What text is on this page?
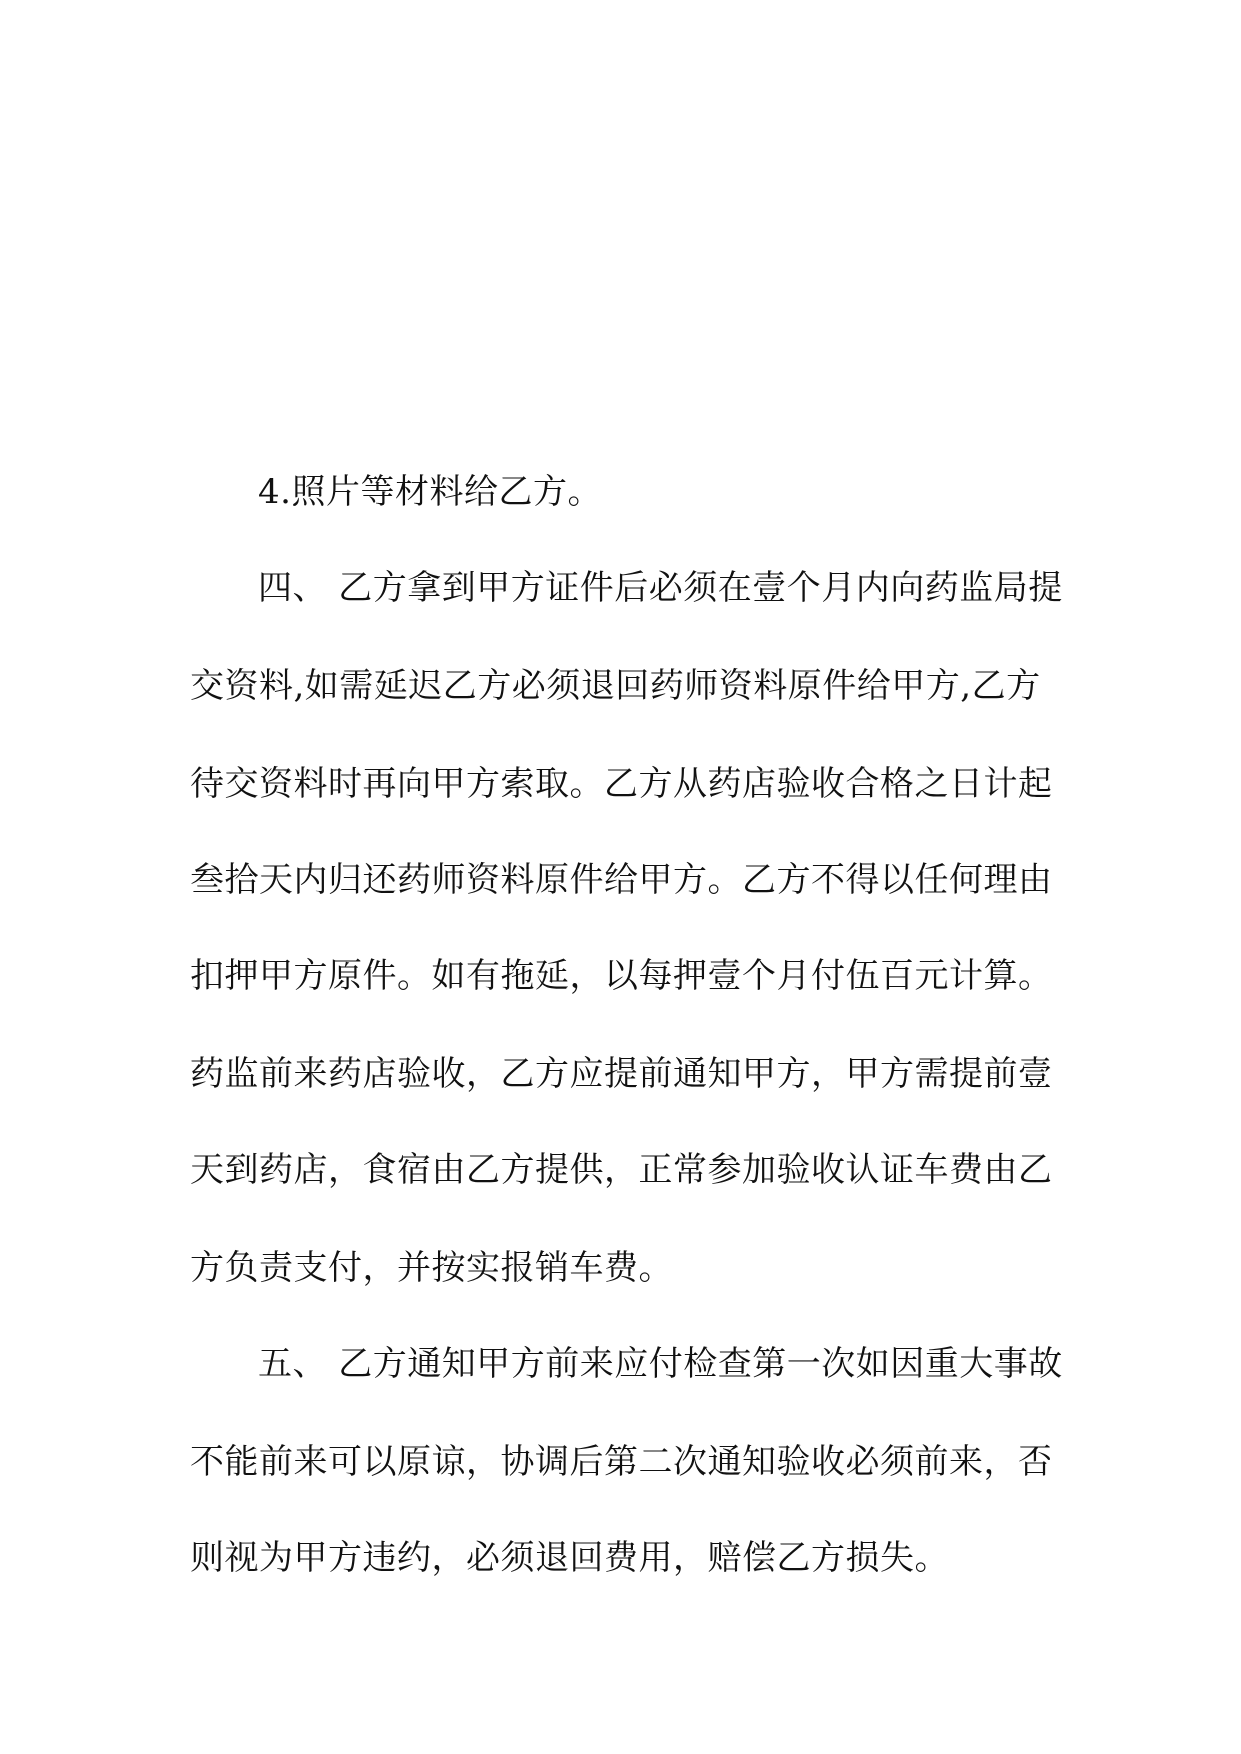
4.照片等材料给乙方。
四、 乙方拿到甲方证件后必须在壹个月内向药监局提
交资料,如需延迟乙方必须退回药师资料原件给甲方,乙方
待交资料时再向甲方索取。乙方从药店验收合格之日计起
叁拾天内归还药师资料原件给甲方。乙方不得以任何理由
扣押甲方原件。如有拖延，以每押壹个月付伍百元计算。
药监前来药店验收，乙方应提前通知甲方，甲方需提前壹
天到药店，食宿由乙方提供，正常参加验收认证车费由乙
方负责支付，并按实报销车费。
五、 乙方通知甲方前来应付检查第一次如因重大事故
不能前来可以原谅，协调后第二次通知验收必须前来，否
则视为甲方违约，必须退回费用，赔偿乙方损失。
